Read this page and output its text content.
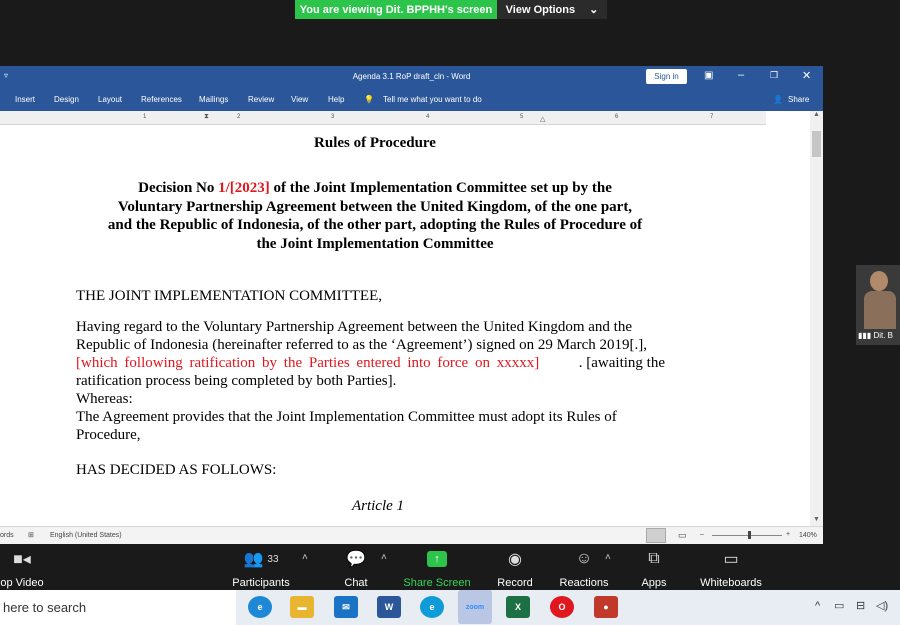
You are viewing Dit. BPPHH's screen	View Options ⌄
▮▮▮ Dit. B
▿	Agenda 3.1 RoP draft_cln - Word	Sign in	▣ –	❐ ✕
Insert Design Layout References Mailings Review View Help 💡 Tell me what you want to do	👤 Share
1	2	3	4	5	6	7
⧗	△
▲
▼
Rules of Procedure
Decision No 1/[2023] of the Joint Implementation Committee set up by the
Voluntary Partnership Agreement between the United Kingdom, of the one part,
and the Republic of Indonesia, of the other part, adopting the Rules of Procedure of
the Joint Implementation Committee
THE JOINT IMPLEMENTATION COMMITTEE,
Having regard to the Voluntary Partnership Agreement between the United Kingdom and the
Republic of Indonesia (hereinafter referred to as the ‘Agreement’) signed on 29 March 2019[.],
[which following ratification by the Parties entered into force on xxxxx]	. [awaiting the
ratification process being completed by both Parties].
Whereas:
The Agreement provides that the Joint Implementation Committee must adopt its Rules of
Procedure,
HAS DECIDED AS FOLLOWS:
Article 1
ords ⊞ English (United States)	▭ –	+ 140%
■◂
op Video
👥 33
Participants
˄	💬
Chat
˄	↑
Share Screen
◉
Record
☺
Reactions
˄	⧉
Apps
▭
Whiteboards
here to search	e	▬	✉	W	e	zoom	X	O	●	^ ▭ ⊟ ◁)
